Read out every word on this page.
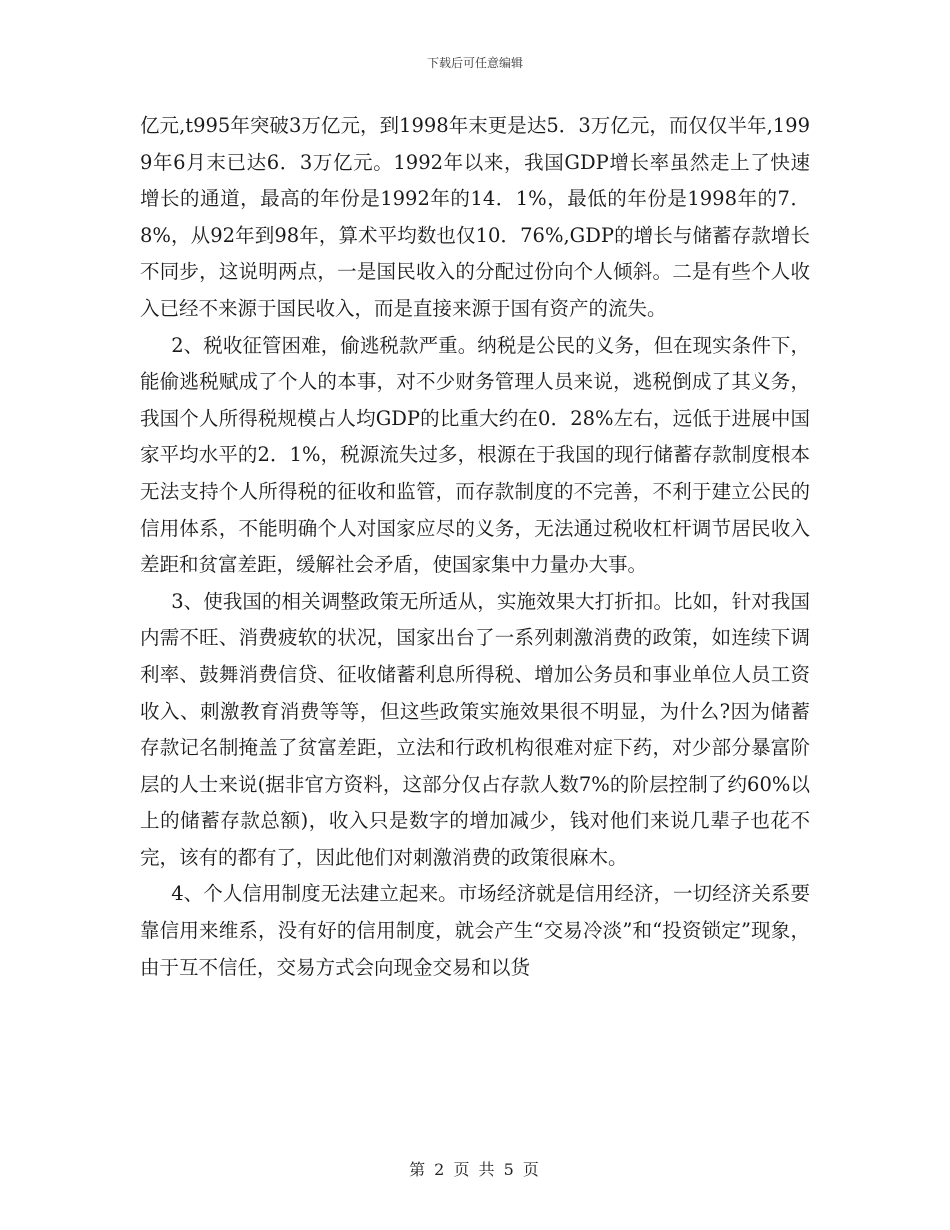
下载后可任意编辑

亿元,t995年突破3万亿元，到1998年末更是达5．3万亿元，而仅仅半年,1999年6月末已达6．3万亿元。1992年以来，我国GDP增长率虽然走上了快速增长的通道，最高的年份是1992年的14．1%，最低的年份是1998年的7．8%，从92年到98年，算术平均数也仅10．76%,GDP的增长与储蓄存款增长不同步，这说明两点，一是国民收入的分配过份向个人倾斜。二是有些个人收入已经不来源于国民收入，而是直接来源于国有资产的流失。

2、税收征管困难，偷逃税款严重。纳税是公民的义务，但在现实条件下，能偷逃税赋成了个人的本事，对不少财务管理人员来说，逃税倒成了其义务，我国个人所得税规模占人均GDP的比重大约在0．28%左右，远低于进展中国家平均水平的2．1%，税源流失过多，根源在于我国的现行储蓄存款制度根本无法支持个人所得税的征收和监管，而存款制度的不完善，不利于建立公民的信用体系，不能明确个人对国家应尽的义务，无法通过税收杠杆调节居民收入差距和贫富差距，缓解社会矛盾，使国家集中力量办大事。

3、使我国的相关调整政策无所适从，实施效果大打折扣。比如，针对我国内需不旺、消费疲软的状况，国家出台了一系列刺激消费的政策，如连续下调利率、鼓舞消费信贷、征收储蓄利息所得税、增加公务员和事业单位人员工资收入、刺激教育消费等等，但这些政策实施效果很不明显，为什么?因为储蓄存款记名制掩盖了贫富差距，立法和行政机构很难对症下药，对少部分暴富阶层的人士来说(据非官方资料，这部分仅占存款人数7%的阶层控制了约60%以上的储蓄存款总额)，收入只是数字的增加减少，钱对他们来说几辈子也花不完，该有的都有了，因此他们对刺激消费的政策很麻木。

4、个人信用制度无法建立起来。市场经济就是信用经济，一切经济关系要靠信用来维系，没有好的信用制度，就会产生“交易冷淡”和“投资锁定”现象，由于互不信任，交易方式会向现金交易和以货

第 2 页 共 5 页
